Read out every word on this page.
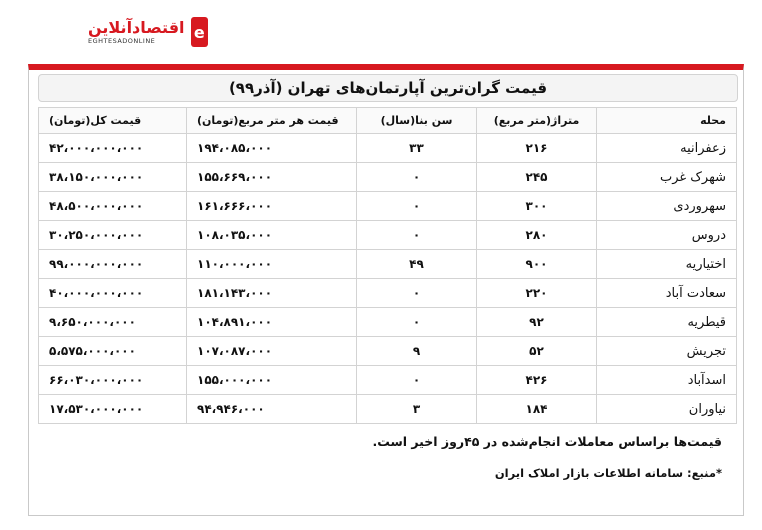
اقتصادآنلاین
EGHTESADONLINE e
قیمت گران‌ترین آپارتمان‌های تهران (آذر۹۹)
محله	متراژ(متر مربع)	سن بنا(سال)	قیمت هر متر مربع(تومان)	قیمت کل(تومان)
زعفرانیه	۲۱۶	۳۳	۱۹۴،۰۸۵،۰۰۰	۴۲،۰۰۰،۰۰۰،۰۰۰
شهرک غرب	۲۴۵	۰	۱۵۵،۶۶۹،۰۰۰	۳۸،۱۵۰،۰۰۰،۰۰۰
سهروردی	۳۰۰	۰	۱۶۱،۶۶۶،۰۰۰	۴۸،۵۰۰،۰۰۰،۰۰۰
دروس	۲۸۰	۰	۱۰۸،۰۳۵،۰۰۰	۳۰،۲۵۰،۰۰۰،۰۰۰
اختیاریه	۹۰۰	۴۹	۱۱۰،۰۰۰،۰۰۰	۹۹،۰۰۰،۰۰۰،۰۰۰
سعادت آباد	۲۲۰	۰	۱۸۱،۱۴۳،۰۰۰	۴۰،۰۰۰،۰۰۰،۰۰۰
قیطریه	۹۲	۰	۱۰۴،۸۹۱،۰۰۰	۹،۶۵۰،۰۰۰،۰۰۰
تجریش	۵۲	۹	۱۰۷،۰۸۷،۰۰۰	۵،۵۷۵،۰۰۰،۰۰۰
اسدآباد	۴۲۶	۰	۱۵۵،۰۰۰،۰۰۰	۶۶،۰۳۰،۰۰۰،۰۰۰
نیاوران	۱۸۴	۳	۹۴،۹۴۶،۰۰۰	۱۷،۵۳۰،۰۰۰،۰۰۰
قیمت‌ها براساس معاملات انجام‌شده در ۴۵روز اخیر است.
*منبع: سامانه اطلاعات بازار املاک ایران
